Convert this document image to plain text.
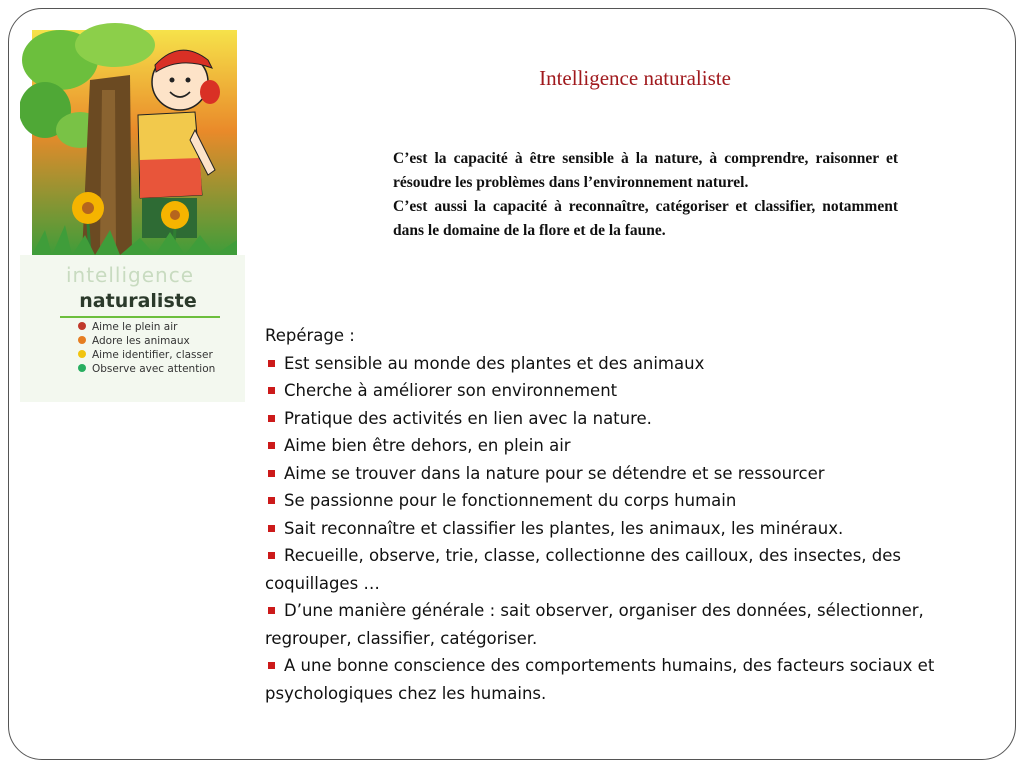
intelligence
naturaliste
Aime le plein air
Adore les animaux
Aime identifier, classer
Observe avec attention
Intelligence naturaliste

C’est la capacité à être sensible à la nature, à comprendre, raisonner et résoudre les problèmes dans l’environnement naturel.

C’est aussi la capacité à reconnaître, catégoriser et classifier, notamment dans le domaine de la flore et de la faune.

Repérage :

Est sensible au monde des plantes et des animaux
Cherche à améliorer son environnement
Pratique des activités en lien avec la nature.
Aime bien être dehors, en plein air
Aime se trouver dans la nature pour se détendre et se ressourcer
Se passionne pour le fonctionnement du corps humain
Sait reconnaître et classifier les plantes, les animaux, les minéraux.
Recueille, observe, trie, classe, collectionne des cailloux, des insectes, des coquillages …
D’une manière générale : sait observer, organiser des données, sélectionner, regrouper, classifier, catégoriser.
A une bonne conscience des comportements humains, des facteurs sociaux et psychologiques chez les humains.
